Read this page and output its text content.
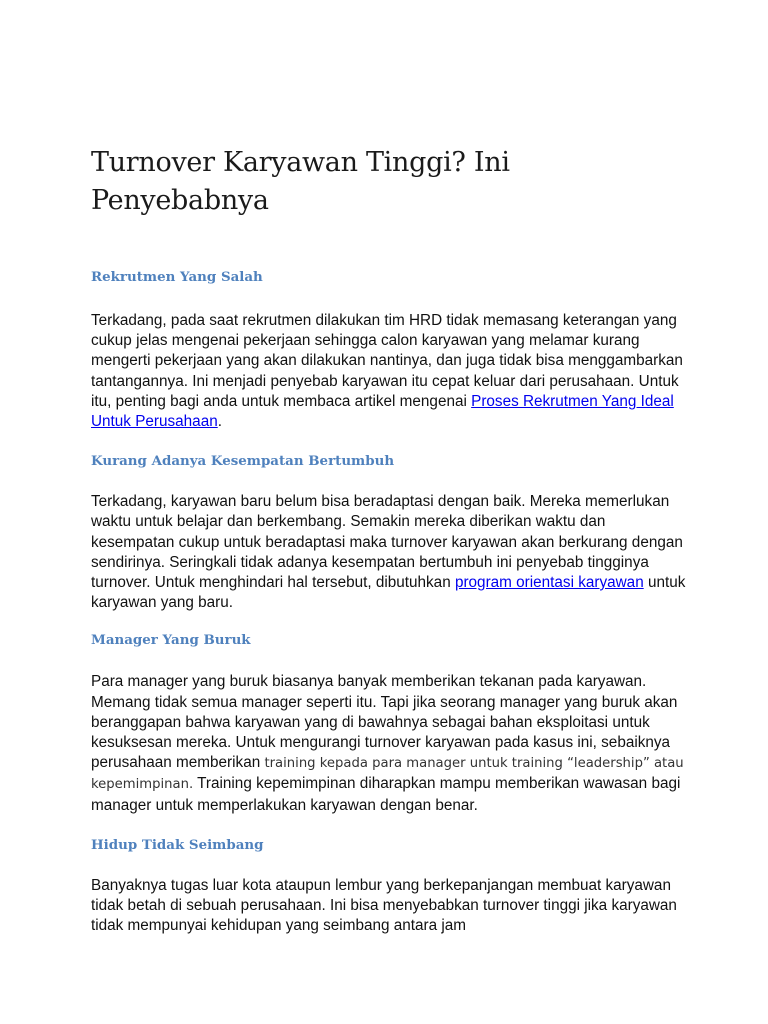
Turnover Karyawan Tinggi? Ini Penyebabnya
Rekrutmen Yang Salah

Terkadang, pada saat rekrutmen dilakukan tim HRD tidak memasang keterangan yang cukup jelas mengenai pekerjaan sehingga calon karyawan yang melamar kurang mengerti pekerjaan yang akan dilakukan nantinya, dan juga tidak bisa menggambarkan tantangannya. Ini menjadi penyebab karyawan itu cepat keluar dari perusahaan. Untuk itu, penting bagi anda untuk membaca artikel mengenai Proses Rekrutmen Yang Ideal Untuk Perusahaan.

Kurang Adanya Kesempatan Bertumbuh

Terkadang, karyawan baru belum bisa beradaptasi dengan baik. Mereka memerlukan waktu untuk belajar dan berkembang. Semakin mereka diberikan waktu dan kesempatan cukup untuk beradaptasi maka turnover karyawan akan berkurang dengan sendirinya. Seringkali tidak adanya kesempatan bertumbuh ini penyebab tingginya turnover. Untuk menghindari hal tersebut, dibutuhkan program orientasi karyawan untuk karyawan yang baru.

Manager Yang Buruk

Para manager yang buruk biasanya banyak memberikan tekanan pada karyawan. Memang tidak semua manager seperti itu. Tapi jika seorang manager yang buruk akan beranggapan bahwa karyawan yang di bawahnya sebagai bahan eksploitasi untuk kesuksesan mereka. Untuk mengurangi turnover karyawan pada kasus ini, sebaiknya perusahaan memberikan training kepada para manager untuk training “leadership” atau kepemimpinan. Training kepemimpinan diharapkan mampu memberikan wawasan bagi manager untuk memperlakukan karyawan dengan benar.

Hidup Tidak Seimbang

Banyaknya tugas luar kota ataupun lembur yang berkepanjangan membuat karyawan tidak betah di sebuah perusahaan. Ini bisa menyebabkan turnover tinggi jika karyawan tidak mempunyai kehidupan yang seimbang antara jam
